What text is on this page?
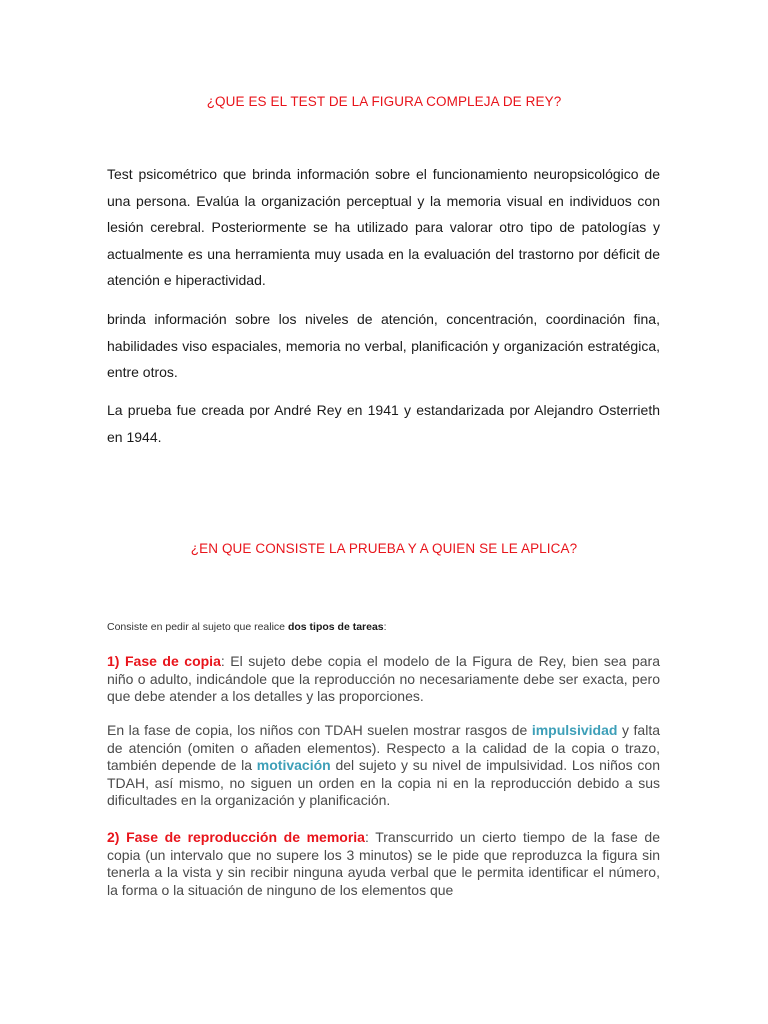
¿QUE ES EL TEST DE LA FIGURA COMPLEJA DE REY?

Test psicométrico que brinda información sobre el funcionamiento neuropsicológico de una persona. Evalúa la organización perceptual y la memoria visual en individuos con lesión cerebral. Posteriormente se ha utilizado para valorar otro tipo de patologías y actualmente es una herramienta muy usada en la evaluación del trastorno por déficit de atención e hiperactividad.

brinda información sobre los niveles de atención, concentración, coordinación fina, habilidades viso espaciales, memoria no verbal, planificación y organización estratégica, entre otros.

La prueba fue creada por André Rey en 1941 y estandarizada por Alejandro Osterrieth en 1944.

¿EN QUE CONSISTE LA PRUEBA Y A QUIEN SE LE APLICA?

Consiste en pedir al sujeto que realice dos tipos de tareas:

1) Fase de copia: El sujeto debe copia el modelo de la Figura de Rey, bien sea para niño o adulto, indicándole que la reproducción no necesariamente debe ser exacta, pero que debe atender a los detalles y las proporciones.

En la fase de copia, los niños con TDAH suelen mostrar rasgos de impulsividad y falta de atención (omiten o añaden elementos). Respecto a la calidad de la copia o trazo, también depende de la motivación del sujeto y su nivel de impulsividad. Los niños con TDAH, así mismo, no siguen un orden en la copia ni en la reproducción debido a sus dificultades en la organización y planificación.

2) Fase de reproducción de memoria: Transcurrido un cierto tiempo de la fase de copia (un intervalo que no supere los 3 minutos) se le pide que reproduzca la figura sin tenerla a la vista y sin recibir ninguna ayuda verbal que le permita identificar el número, la forma o la situación de ninguno de los elementos que
